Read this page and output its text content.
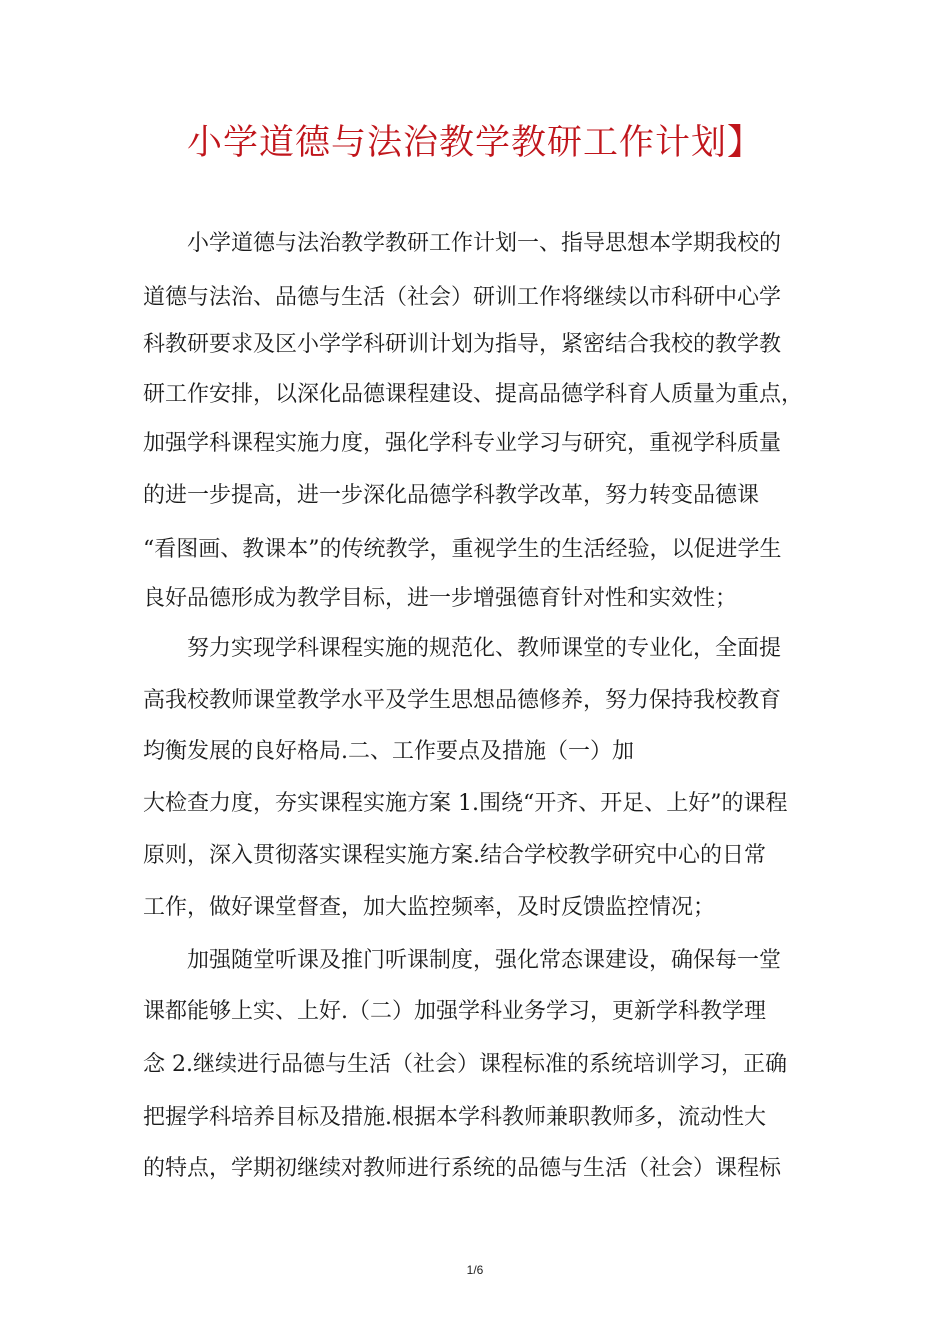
小学道德与法治教学教研工作计划】
小学道德与法治教学教研工作计划一、指导思想本学期我校的
道德与法治、品德与生活（社会）研训工作将继续以市科研中心学
科教研要求及区小学学科研训计划为指导，紧密结合我校的教学教
研工作安排，以深化品德课程建设、提高品德学科育人质量为重点，
加强学科课程实施力度，强化学科专业学习与研究，重视学科质量
的进一步提高，进一步深化品德学科教学改革，努力转变品德课
“看图画、教课本”的传统教学，重视学生的生活经验，以促进学生
良好品德形成为教学目标，进一步增强德育针对性和实效性；
努力实现学科课程实施的规范化、教师课堂的专业化，全面提
高我校教师课堂教学水平及学生思想品德修养，努力保持我校教育
均衡发展的良好格局.二、工作要点及措施（一）加
大检查力度，夯实课程实施方案 1.围绕“开齐、开足、上好”的课程
原则，深入贯彻落实课程实施方案.结合学校教学研究中心的日常
工作，做好课堂督查，加大监控频率，及时反馈监控情况；
加强随堂听课及推门听课制度，强化常态课建设，确保每一堂
课都能够上实、上好.（二）加强学科业务学习，更新学科教学理
念 2.继续进行品德与生活（社会）课程标准的系统培训学习，正确
把握学科培养目标及措施.根据本学科教师兼职教师多，流动性大
的特点，学期初继续对教师进行系统的品德与生活（社会）课程标
1/6
